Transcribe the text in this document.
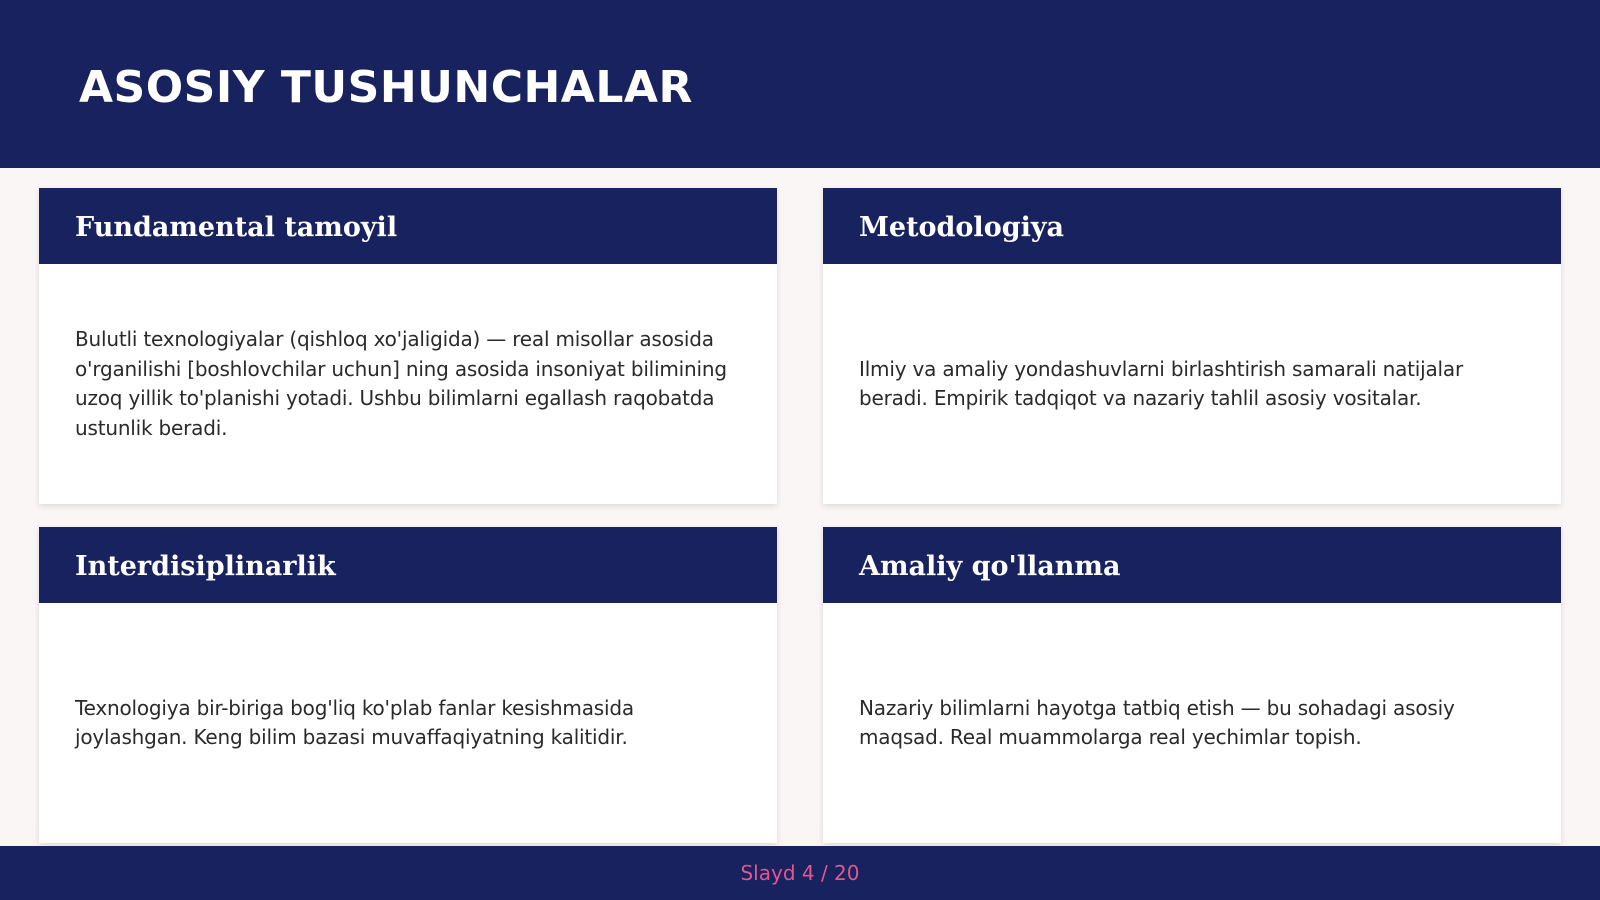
ASOSIY TUSHUNCHALAR
Fundamental tamoyil

Bulutli texnologiyalar (qishloq xo'jaligida) — real misollar asosida o'rganilishi [boshlovchilar uchun] ning asosida insoniyat bilimining uzoq yillik to'planishi yotadi. Ushbu bilimlarni egallash raqobatda ustunlik beradi.

Metodologiya

Ilmiy va amaliy yondashuvlarni birlashtirish samarali natijalar beradi. Empirik tadqiqot va nazariy tahlil asosiy vositalar.

Interdisiplinarlik

Texnologiya bir-biriga bog'liq ko'plab fanlar kesishmasida joylashgan. Keng bilim bazasi muvaffaqiyatning kalitidir.

Amaliy qo'llanma

Nazariy bilimlarni hayotga tatbiq etish — bu sohadagi asosiy maqsad. Real muammolarga real yechimlar topish.

Slayd 4 / 20
